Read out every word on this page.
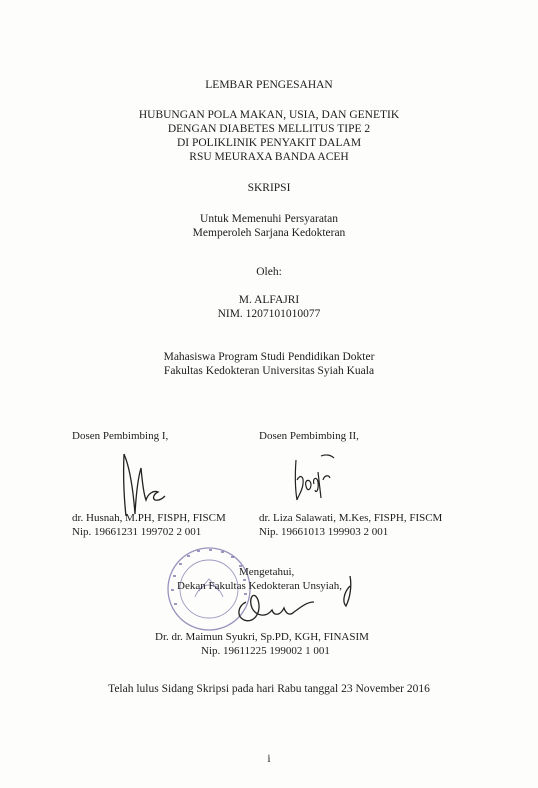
LEMBAR PENGESAHAN
HUBUNGAN POLA MAKAN, USIA, DAN GENETIK
DENGAN DIABETES MELLITUS TIPE 2
DI POLIKLINIK PENYAKIT DALAM
RSU MEURAXA BANDA ACEH
SKRIPSI
Untuk Memenuhi Persyaratan
Memperoleh Sarjana Kedokteran
Oleh:
M. ALFAJRI
NIM. 1207101010077
Mahasiswa Program Studi Pendidikan Dokter
Fakultas Kedokteran Universitas Syiah Kuala
Dosen Pembimbing I,
dr. Husnah, M.PH, FISPH, FISCM
Nip. 19661231 199702 2 001
Dosen Pembimbing II,
dr. Liza Salawati, M.Kes, FISPH, FISCM
Nip. 19661013 199903 2 001
Mengetahui,
Dekan Fakultas Kedokteran Unsyiah,
Dr. dr. Maimun Syukri, Sp.PD, KGH, FINASIM
Nip. 19611225 199002 1 001
Telah lulus Sidang Skripsi pada hari Rabu tanggal 23 November 2016
i
